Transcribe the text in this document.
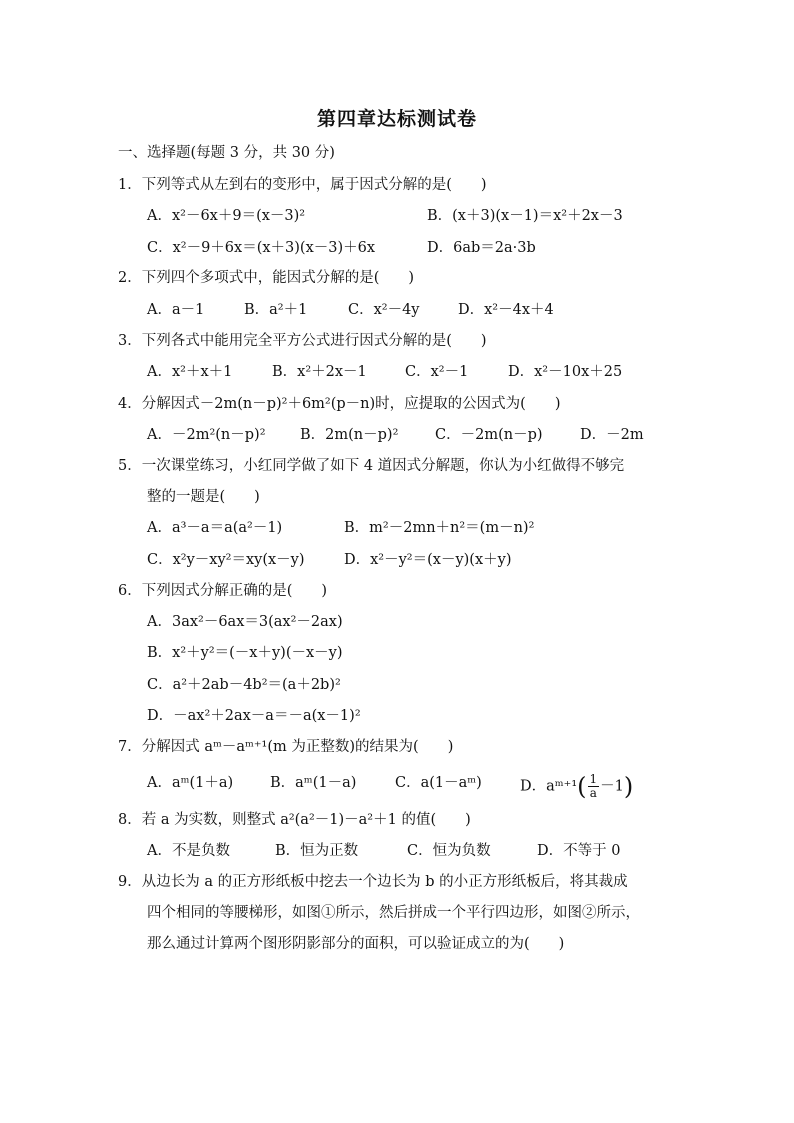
第四章达标测试卷
一、选择题(每题 3 分，共 30 分)
1．下列等式从左到右的变形中，属于因式分解的是(　　)
A．x²－6x＋9＝(x－3)²	B．(x＋3)(x－1)＝x²＋2x－3
C．x²－9＋6x＝(x＋3)(x－3)＋6x	D．6ab＝2a·3b
2．下列四个多项式中，能因式分解的是(　　)
A．a－1	B．a²＋1	C．x²－4y	D．x²－4x＋4
3．下列各式中能用完全平方公式进行因式分解的是(　　)
A．x²＋x＋1	B．x²＋2x－1	C．x²－1	D．x²－10x＋25
4．分解因式－2m(n－p)²＋6m²(p－n)时，应提取的公因式为(　　)
A．－2m²(n－p)² B．2m(n－p)²	C．－2m(n－p)	D．－2m
5．一次课堂练习，小红同学做了如下 4 道因式分解题，你认为小红做得不够完
整的一题是(　　)
A．a³－a＝a(a²－1)	B．m²－2mn＋n²＝(m－n)²
C．x²y－xy²＝xy(x－y)	D．x²－y²＝(x－y)(x＋y)
6．下列因式分解正确的是(　　)
A．3ax²－6ax＝3(ax²－2ax)
B．x²＋y²＝(－x＋y)(－x－y)
C．a²＋2ab－4b²＝(a＋2b)²
D．－ax²＋2ax－a＝－a(x－1)²
7．分解因式 aᵐ－aᵐ⁺¹(m 为正整数)的结果为(　　)
A．aᵐ(1＋a)	B．aᵐ(1－a)	C．a(1－aᵐ)	D．aᵐ⁺¹( $\frac{1}{a} -1$)
8．若 a 为实数，则整式 a²(a²－1)－a²＋1 的值(　　)
A．不是负数	B．恒为正数	C．恒为负数	D．不等于 0
9．从边长为 a 的正方形纸板中挖去一个边长为 b 的小正方形纸板后，将其裁成
四个相同的等腰梯形，如图①所示，然后拼成一个平行四边形，如图②所示，
那么通过计算两个图形阴影部分的面积，可以验证成立的为(　　)
